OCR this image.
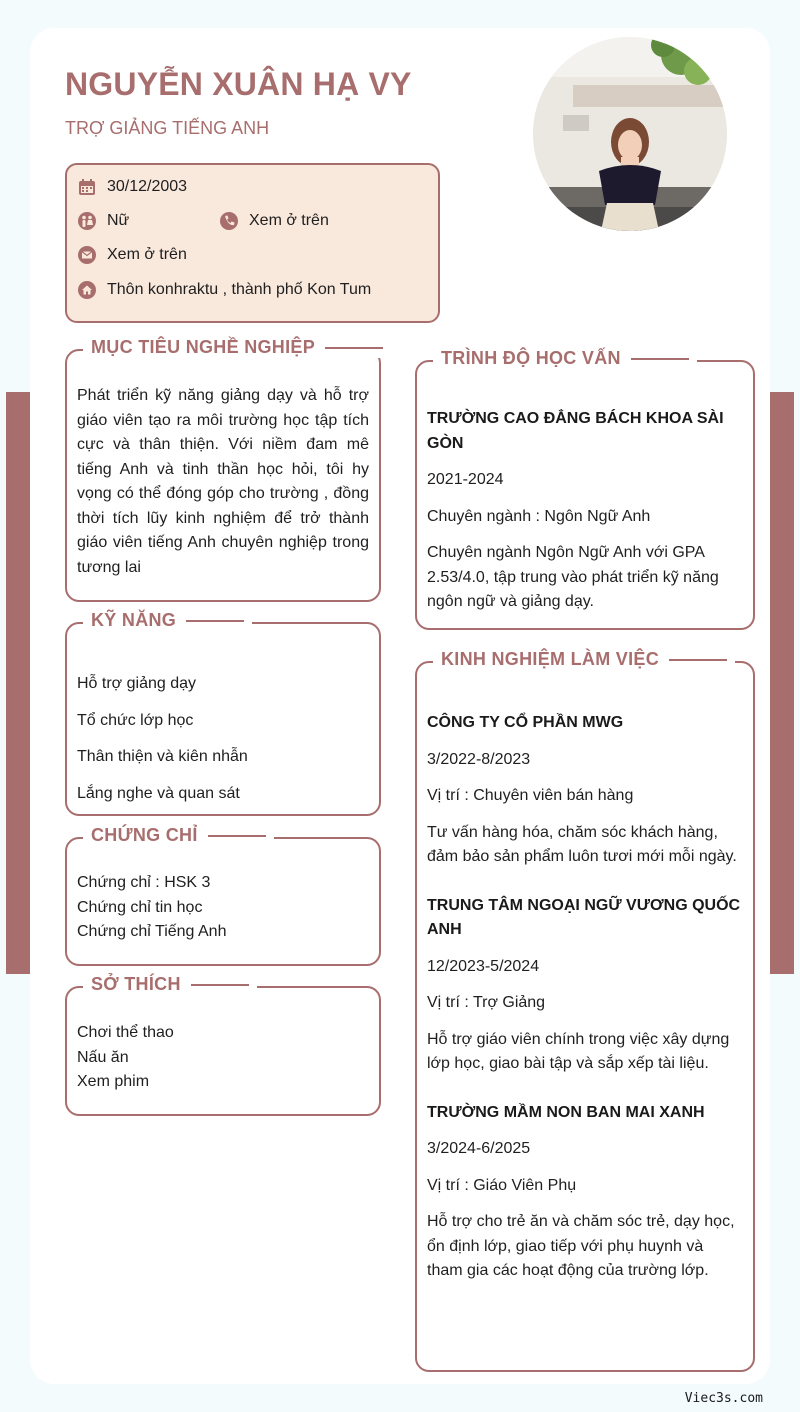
NGUYỄN XUÂN HẠ VY

TRỢ GIẢNG TIẾNG ANH

30/12/2003
Nữ	Xem ở trên
Xem ở trên
Thôn konhraktu , thành phố Kon Tum
MỤC TIÊU NGHỀ NGHIỆP
Phát triển kỹ năng giảng dạy và hỗ trợ giáo viên tạo ra môi trường học tập tích cực và thân thiện. Với niềm đam mê tiếng Anh và tinh thần học hỏi, tôi hy vọng có thể đóng góp cho trường , đồng thời tích lũy kinh nghiệm để trở thành giáo viên tiếng Anh chuyên nghiệp trong tương lai
KỸ NĂNG

Hỗ trợ giảng dạy

Tổ chức lớp học

Thân thiện và kiên nhẫn

Lắng nghe và quan sát

CHỨNG CHỈ

Chứng chỉ : HSK 3

Chứng chỉ tin học

Chứng chỉ Tiếng Anh

SỞ THÍCH

Chơi thể thao

Nấu ăn

Xem phim

TRÌNH ĐỘ HỌC VẤN

TRƯỜNG CAO ĐẲNG BÁCH KHOA SÀI GÒN

2021-2024

Chuyên ngành : Ngôn Ngữ Anh

Chuyên ngành Ngôn Ngữ Anh với GPA 2.53/4.0, tập trung vào phát triển kỹ năng ngôn ngữ và giảng dạy.

KINH NGHIỆM LÀM VIỆC

CÔNG TY CỔ PHẦN MWG

3/2022-8/2023

Vị trí : Chuyên viên bán hàng

Tư vấn hàng hóa, chăm sóc khách hàng, đảm bảo sản phẩm luôn tươi mới mỗi ngày.

TRUNG TÂM NGOẠI NGỮ VƯƠNG QUỐC ANH

12/2023-5/2024

Vị trí : Trợ Giảng

Hỗ trợ giáo viên chính trong việc xây dựng lớp học, giao bài tập và sắp xếp tài liệu.

TRƯỜNG MẦM NON BAN MAI XANH

3/2024-6/2025

Vị trí : Giáo Viên Phụ

Hỗ trợ cho trẻ ăn và chăm sóc trẻ, dạy học, ổn định lớp, giao tiếp với phụ huynh và tham gia các hoạt động của trường lớp.

Viec3s.com
